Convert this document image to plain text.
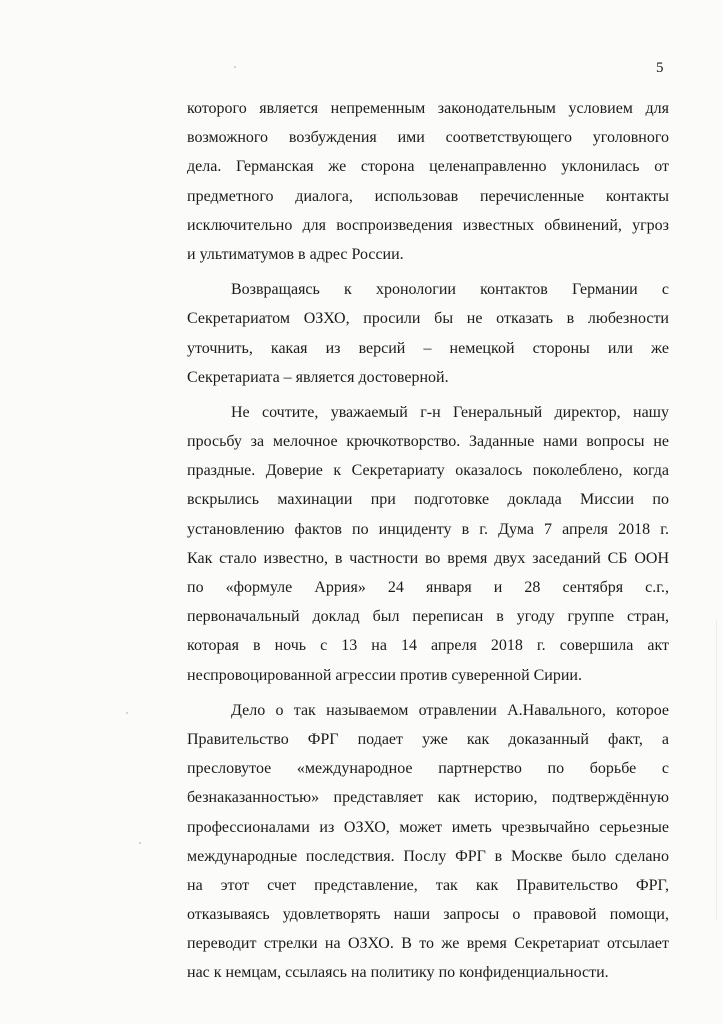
5
которого является непременным законодательным условием для
возможного возбуждения ими соответствующего уголовного
дела. Германская же сторона целенаправленно уклонилась от
предметного диалога, использовав перечисленные контакты
исключительно для воспроизведения известных обвинений, угроз
и ультиматумов в адрес России.
Возвращаясь к хронологии контактов Германии с
Секретариатом ОЗХО, просили бы не отказать в любезности
уточнить, какая из версий – немецкой стороны или же
Секретариата – является достоверной.
Не сочтите, уважаемый г-н Генеральный директор, нашу
просьбу за мелочное крючкотворство. Заданные нами вопросы не
праздные. Доверие к Секретариату оказалось поколеблено, когда
вскрылись махинации при подготовке доклада Миссии по
установлению фактов по инциденту в г. Дума 7 апреля 2018 г.
Как стало известно, в частности во время двух заседаний СБ ООН
по «формуле Аррия» 24 января и 28 сентября с.г.,
первоначальный доклад был переписан в угоду группе стран,
которая в ночь с 13 на 14 апреля 2018 г. совершила акт
неспровоцированной агрессии против суверенной Сирии.
Дело о так называемом отравлении А.Навального, которое
Правительство ФРГ подает уже как доказанный факт, а
пресловутое «международное партнерство по борьбе с
безнаказанностью» представляет как историю, подтверждённую
профессионалами из ОЗХО, может иметь чрезвычайно серьезные
международные последствия. Послу ФРГ в Москве было сделано
на этот счет представление, так как Правительство ФРГ,
отказываясь удовлетворять наши запросы о правовой помощи,
переводит стрелки на ОЗХО. В то же время Секретариат отсылает
нас к немцам, ссылаясь на политику по конфиденциальности.
